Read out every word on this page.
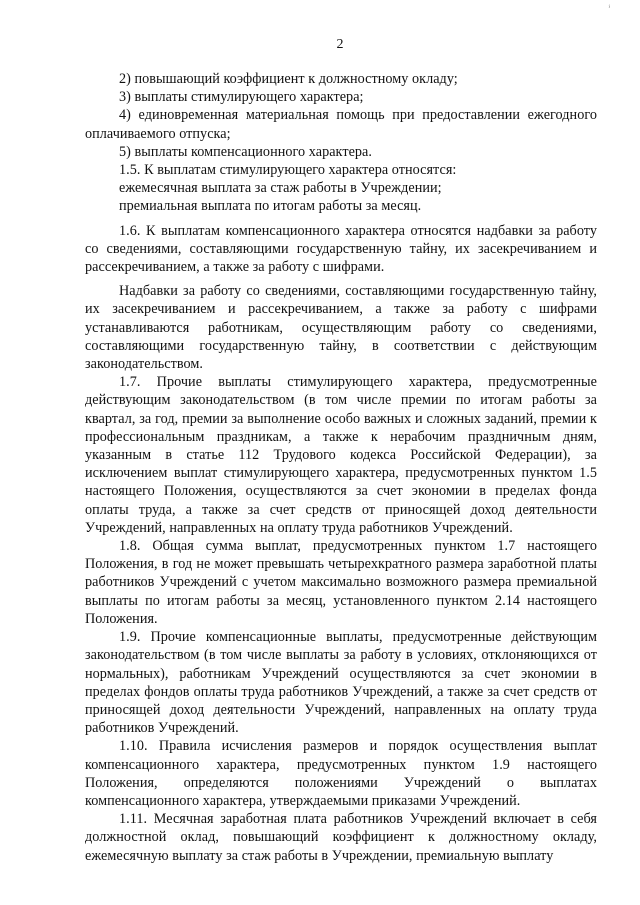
ⁱ
2

2) повышающий коэффициент к должностному окладу;

3) выплаты стимулирующего характера;

4) единовременная материальная помощь при предоставлении ежегодного оплачиваемого отпуска;

5) выплаты компенсационного характера.

1.5. К выплатам стимулирующего характера относятся:

ежемесячная выплата за стаж работы в Учреждении;

премиальная выплата по итогам работы за месяц.

1.6. К выплатам компенсационного характера относятся надбавки за работу со сведениями, составляющими государственную тайну, их засекречиванием и рассекречиванием, а также за работу с шифрами.

Надбавки за работу со сведениями, составляющими государственную тайну, их засекречиванием и рассекречиванием, а также за работу с шифрами устанавливаются работникам, осуществляющим работу со сведениями, составляющими государственную тайну, в соответствии с действующим законодательством.

1.7. Прочие выплаты стимулирующего характера, предусмотренные действующим законодательством (в том числе премии по итогам работы за квартал, за год, премии за выполнение особо важных и сложных заданий, премии к профессиональным праздникам, а также к нерабочим праздничным дням, указанным в статье 112 Трудового кодекса Российской Федерации), за исключением выплат стимулирующего характера, предусмотренных пунктом 1.5 настоящего Положения, осуществляются за счет экономии в пределах фонда оплаты труда, а также за счет средств от приносящей доход деятельности Учреждений, направленных на оплату труда работников Учреждений.

1.8. Общая сумма выплат, предусмотренных пунктом 1.7 настоящего Положения, в год не может превышать четырехкратного размера заработной платы работников Учреждений с учетом максимально возможного размера премиальной выплаты по итогам работы за месяц, установленного пунктом 2.14 настоящего Положения.

1.9. Прочие компенсационные выплаты, предусмотренные действующим законодательством (в том числе выплаты за работу в условиях, отклоняющихся от нормальных), работникам Учреждений осуществляются за счет экономии в пределах фондов оплаты труда работников Учреждений, а также за счет средств от приносящей доход деятельности Учреждений, направленных на оплату труда работников Учреждений.

1.10. Правила исчисления размеров и порядок осуществления выплат компенсационного характера, предусмотренных пунктом 1.9 настоящего Положения, определяются положениями Учреждений о выплатах компенсационного характера, утверждаемыми приказами Учреждений.

1.11. Месячная заработная плата работников Учреждений включает в себя должностной оклад, повышающий коэффициент к должностному окладу, ежемесячную выплату за стаж работы в Учреждении, премиальную выплату
